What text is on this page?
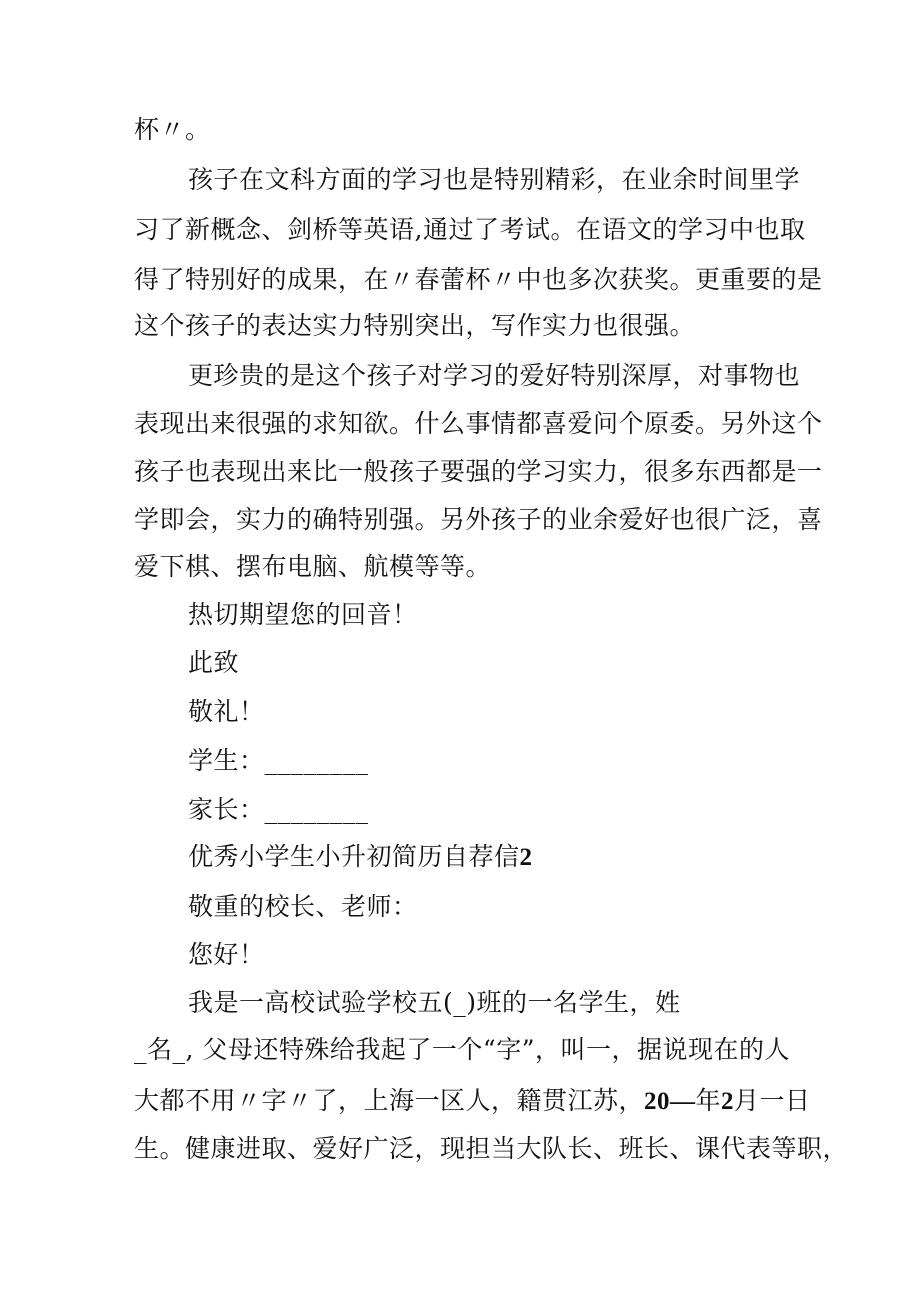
杯〃。
孩子在文科方面的学习也是特别精彩，在业余时间里学
习了新概念、剑桥等英语,通过了考试。在语文的学习中也取
得了特别好的成果，在〃春蕾杯〃中也多次获奖。更重要的是
这个孩子的表达实力特别突出，写作实力也很强。
更珍贵的是这个孩子对学习的爱好特别深厚，对事物也
表现出来很强的求知欲。什么事情都喜爱问个原委。另外这个
孩子也表现出来比一般孩子要强的学习实力，很多东西都是一
学即会，实力的确特别强。另外孩子的业余爱好也很广泛，喜
爱下棋、摆布电脑、航模等等。
热切期望您的回音！
此致
敬礼！
学生：________
家长：________
优秀小学生小升初简历自荐信2
敬重的校长、老师：
您好！
我是一高校试验学校五(_)班的一名学生，姓
_名_, 父母还特殊给我起了一个“字”，叫一，据说现在的人
大都不用〃字〃了，上海一区人，籍贯江苏，20—年2月一日
生。健康进取、爱好广泛，现担当大队长、班长、课代表等职，
